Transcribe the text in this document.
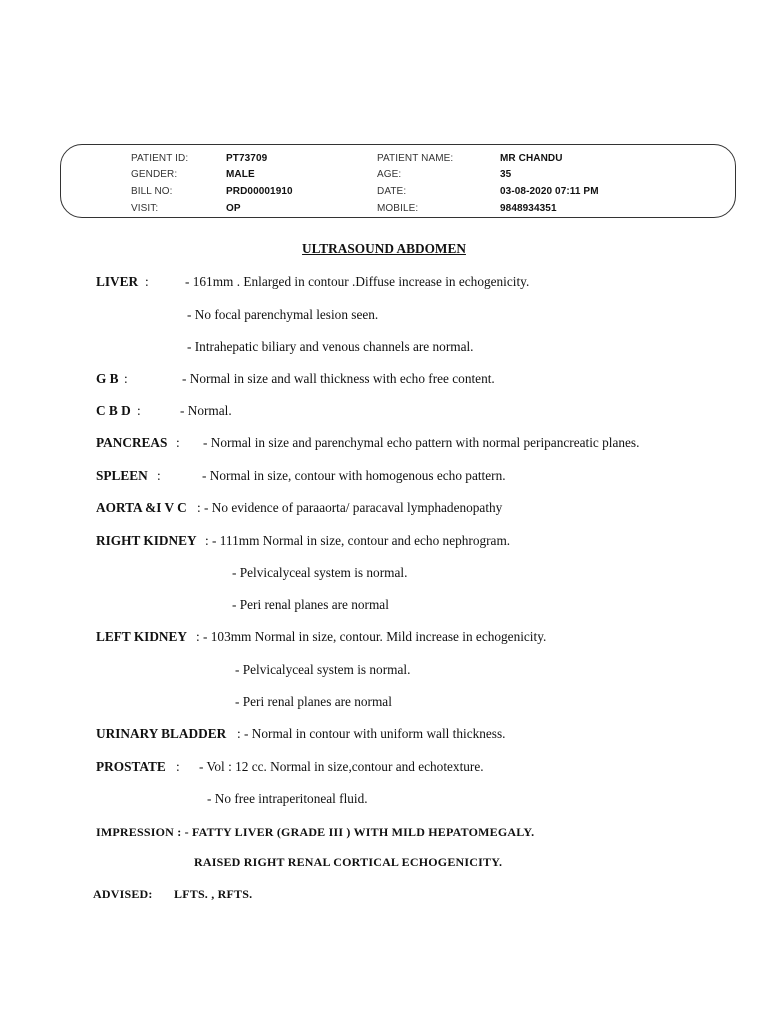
PATIENT ID:	PT73709	PATIENT NAME:	MR CHANDU
GENDER:	MALE	AGE:	35
BILL NO:	PRD00001910	DATE:	03-08-2020 07:11 PM
VISIT:	OP	MOBILE:	9848934351
ULTRASOUND ABDOMEN
LIVER :	- 161mm . Enlarged in contour .Diffuse increase in echogenicity.
- No focal parenchymal lesion seen.
- Intrahepatic biliary and venous channels are normal.
G B :	- Normal in size and wall thickness with echo free content.
C B D :	- Normal.
PANCREAS : - Normal in size and parenchymal echo pattern with normal peripancreatic planes.
SPLEEN :	- Normal in size, contour with homogenous echo pattern.
AORTA &I V C : - No evidence of paraaorta/ paracaval lymphadenopathy
RIGHT KIDNEY : - 111mm Normal in size, contour and echo nephrogram.
- Pelvicalyceal system is normal.
- Peri renal planes are normal
LEFT KIDNEY : - 103mm Normal in size, contour. Mild increase in echogenicity.
- Pelvicalyceal system is normal.
- Peri renal planes are normal
URINARY BLADDER : - Normal in contour with uniform wall thickness.
PROSTATE : - Vol : 12 cc. Normal in size,contour and echotexture.
- No free intraperitoneal fluid.
IMPRESSION : - FATTY LIVER (GRADE III ) WITH MILD HEPATOMEGALY.
RAISED RIGHT RENAL CORTICAL ECHOGENICITY.
ADVISED: LFTS. , RFTS.
